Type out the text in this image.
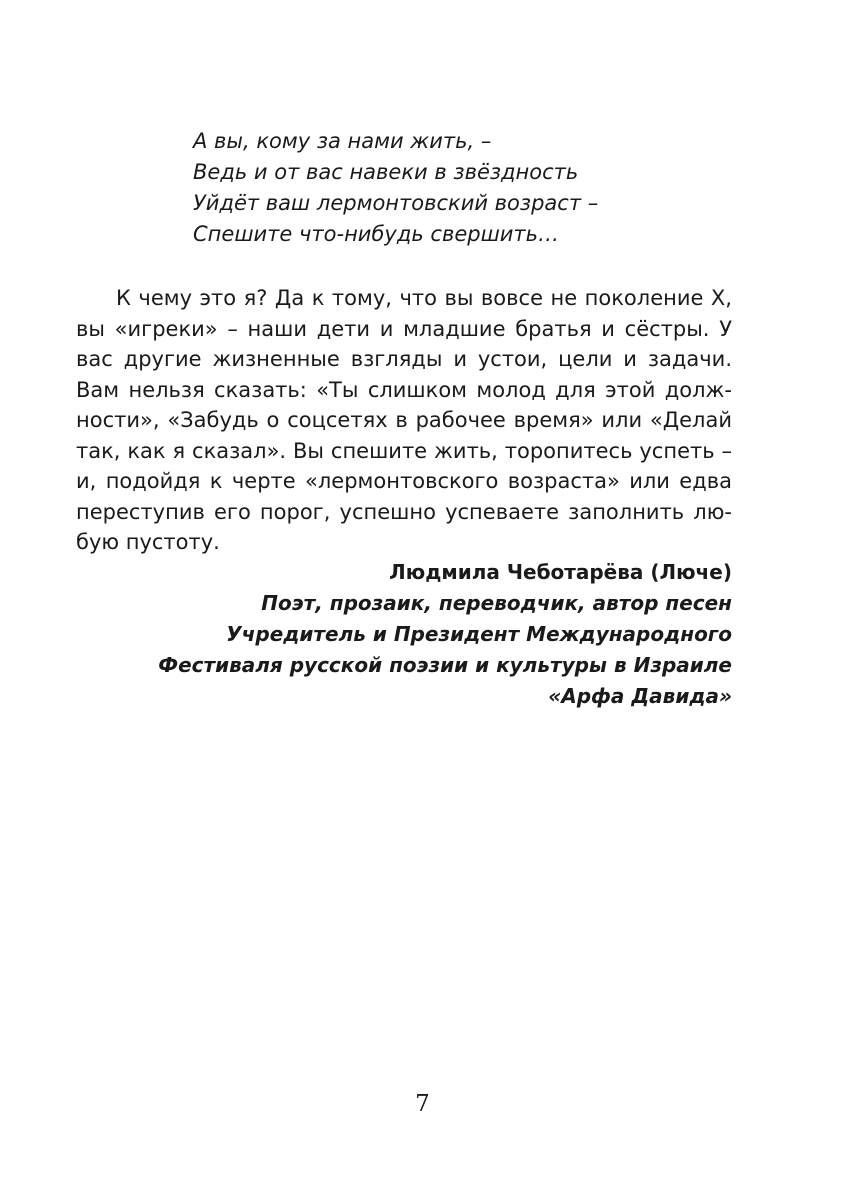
А вы, кому за нами жить, –
Ведь и от вас навеки в звёздность
Уйдёт ваш лермонтовский возраст –
Спешите что-нибудь свершить…

К чему это я? Да к тому, что вы вовсе не поколение Х, вы «игреки» – наши дети и младшие братья и сёстры. У вас другие жизненные взгляды и устои, цели и задачи. Вам нельзя сказать: «Ты слишком молод для этой должности», «Забудь о соцсетях в рабочее время» или «Делай так, как я сказал». Вы спешите жить, торопитесь успеть – и, подойдя к черте «лермонтовского возраста» или едва переступив его порог, успешно успеваете заполнить любую пустоту.

Людмила Чеботарёва (Люче)
Поэт, прозаик, переводчик, автор песен
Учредитель и Президент Международного
Фестиваля русской поэзии и культуры в Израиле
«Арфа Давида»
7
